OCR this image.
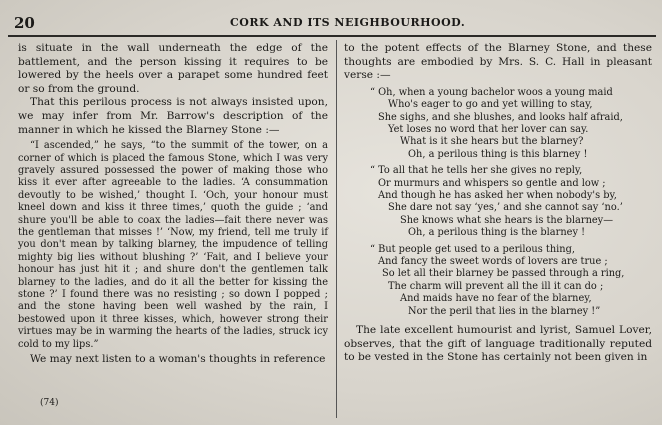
20	CORK AND ITS NEIGHBOURHOOD.

is situate in the wall underneath the edge of the battlement, and the person kissing it requires to be lowered by the heels over a parapet some hundred feet or so from the ground.

That this perilous process is not always insisted upon, we may infer from Mr. Barrow's description of the manner in which he kissed the Blarney Stone :—

“I ascended,” he says, “to the summit of the tower, on a corner of which is placed the famous Stone, which I was very gravely assured possessed the power of making those who kiss it ever after agreeable to the ladies. ‘A consummation devoutly to be wished,’ thought I. ‘Och, your honour must kneel down and kiss it three times,’ quoth the guide ; ‘and shure you'll be able to coax the ladies—fait there never was the gentleman that misses !’ ‘Now, my friend, tell me truly if you don't mean by talking blarney, the impudence of telling mighty big lies without blushing ?’ ‘Fait, and I believe your honour has just hit it ; and shure don't the gentlemen talk blarney to the ladies, and do it all the better for kissing the stone ?’ I found there was no resisting ; so down I popped ; and the stone having been well washed by the rain, I bestowed upon it three kisses, which, however strong their virtues may be in warming the hearts of the ladies, struck icy cold to my lips.”

We may next listen to a woman's thoughts in reference

to the potent effects of the Blarney Stone, and these thoughts are embodied by Mrs. S. C. Hall in pleasant verse :—

“ Oh, when a young bachelor woos a young maid
Who's eager to go and yet willing to stay,
She sighs, and she blushes, and looks half afraid,
Yet loses no word that her lover can say.
What is it she hears but the blarney?
Oh, a perilous thing is this blarney !
“ To all that he tells her she gives no reply,
Or murmurs and whispers so gentle and low ;
And though he has asked her when nobody's by,
She dare not say ‘yes,’ and she cannot say ‘no.’
She knows what she hears is the blarney—
Oh, a perilous thing is the blarney !
“ But people get used to a perilous thing,
And fancy the sweet words of lovers are true ;
So let all their blarney be passed through a ring,
The charm will prevent all the ill it can do ;
And maids have no fear of the blarney,
Nor the peril that lies in the blarney !”

The late excellent humourist and lyrist, Samuel Lover, observes, that the gift of language traditionally reputed to be vested in the Stone has certainly not been given in

(74)
